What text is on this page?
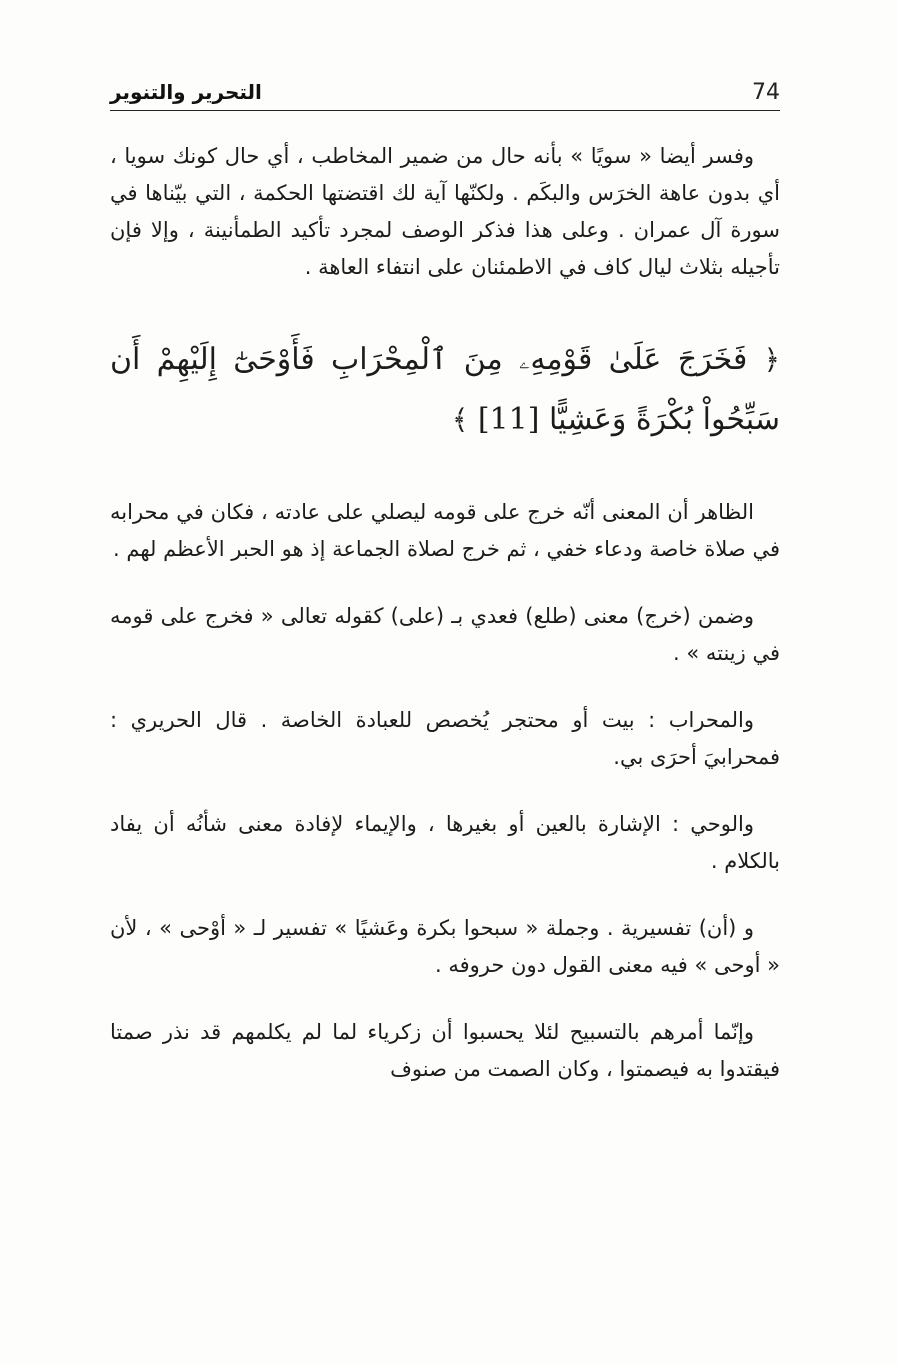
التحرير والتنوير	74

وفسر أيضا « سويًا » بأنه حال من ضمير المخاطب ، أي حال كونك سويا ، أي بدون عاهة الخرَس والبكَم . ولكنّها آية لك اقتضتها الحكمة ، التي بيّناها في سورة آل عمران . وعلى هذا فذكر الوصف لمجرد تأكيد الطمأنينة ، وإلا فإن تأجيله بثلاث ليال كاف في الاطمئنان على انتفاء العاهة .

﴿ فَخَرَجَ عَلَىٰ قَوْمِهِۦ مِنَ ٱلْمِحْرَابِ فَأَوْحَىٰٓ إِلَيْهِمْ أَن سَبِّحُواْ بُكْرَةً وَعَشِيًّا [11] ﴾

الظاهر أن المعنى أنّه خرج على قومه ليصلي على عادته ، فكان في محرابه في صلاة خاصة ودعاء خفي ، ثم خرج لصلاة الجماعة إذ هو الحبر الأعظم لهم .

وضمن (خرج) معنى (طلع) فعدي بـ (على) كقوله تعالى « فخرج على قومه في زينته » .

والمحراب : بيت أو محتجر يُخصص للعبادة الخاصة . قال الحريري : فمحرابيَ أحرَى بي.

والوحي : الإشارة بالعين أو بغيرها ، والإيماء لإفادة معنى شأنُه أن يفاد بالكلام .

و (أن) تفسيرية . وجملة « سبحوا بكرة وعَشيًا » تفسير لـ « أوْحى » ، لأن « أوحى » فيه معنى القول دون حروفه .

وإنّما أمرهم بالتسبيح لئلا يحسبوا أن زكرياء لما لم يكلمهم قد نذر صمتا فيقتدوا به فيصمتوا ، وكان الصمت من صنوف
